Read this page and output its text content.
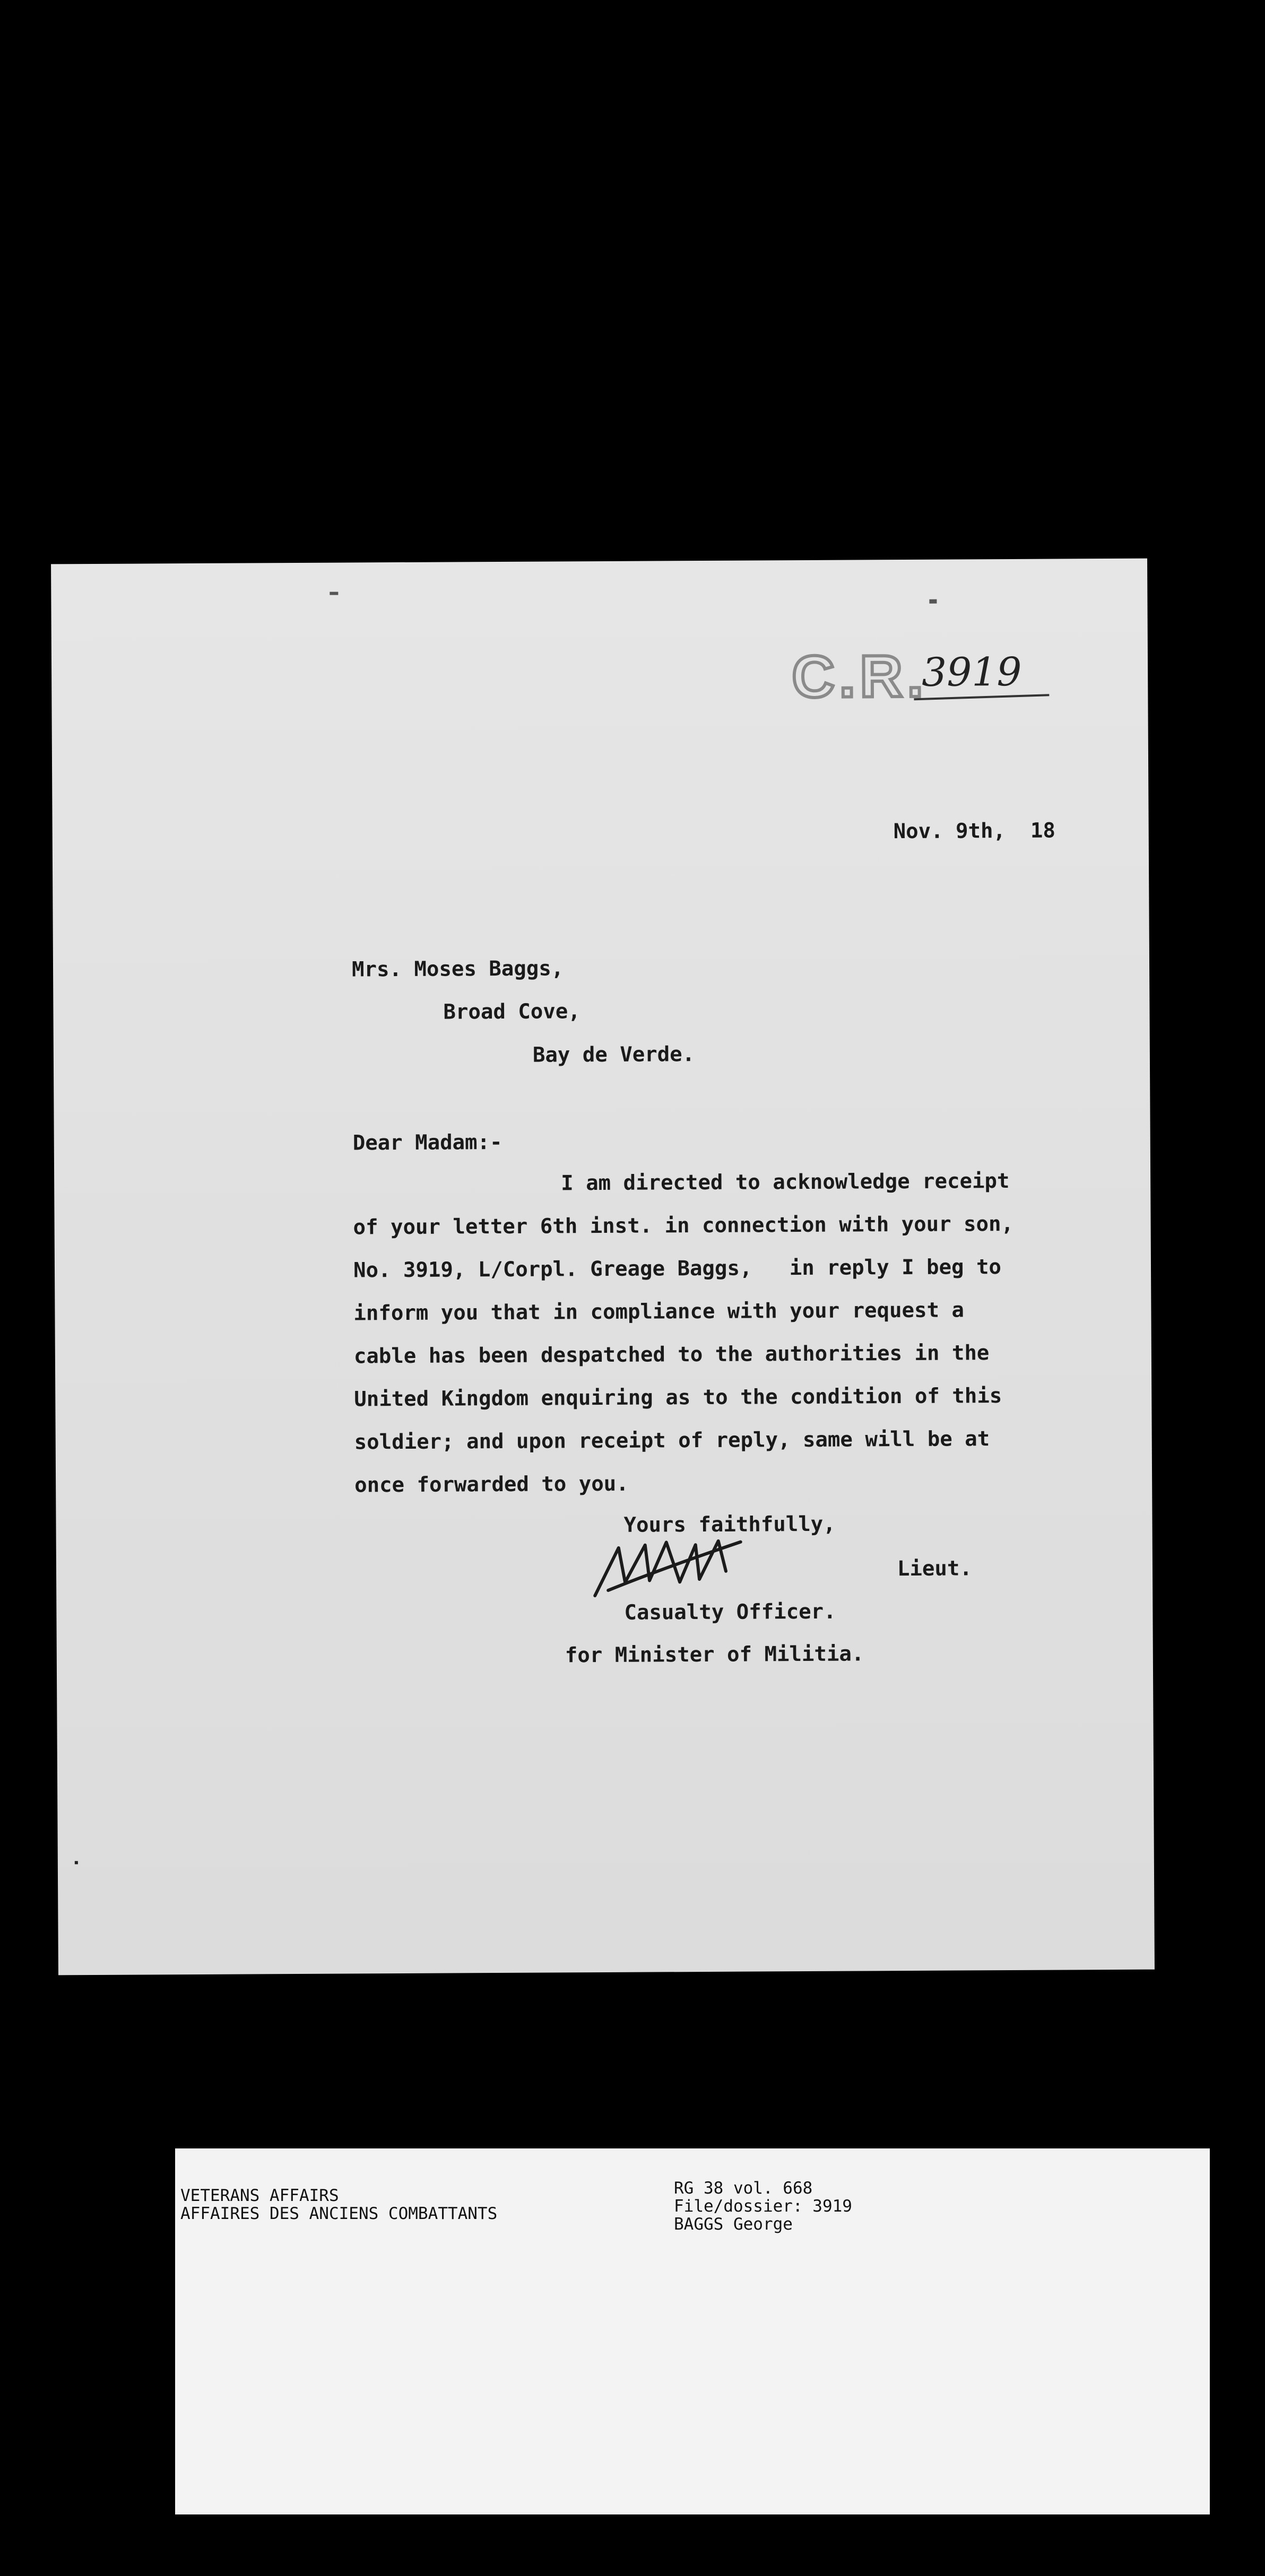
C.R.
3919
Nov. 9th,  18
Mrs. Moses Baggs,
Broad Cove,
Bay de Verde.
Dear Madam:-
I am directed to acknowledge receipt
of your letter 6th inst. in connection with your son,
No. 3919, L/Corpl. Greage Baggs,   in reply I beg to
inform you that in compliance with your request a
cable has been despatched to the authorities in the
United Kingdom enquiring as to the condition of this
soldier; and upon receipt of reply, same will be at
once forwarded to you.
Yours faithfully,
Lieut.
Casualty Officer.
for Minister of Militia.
VETERANS AFFAIRS
AFFAIRES DES ANCIENS COMBATTANTS
RG 38 vol. 668
File/dossier: 3919
BAGGS George
